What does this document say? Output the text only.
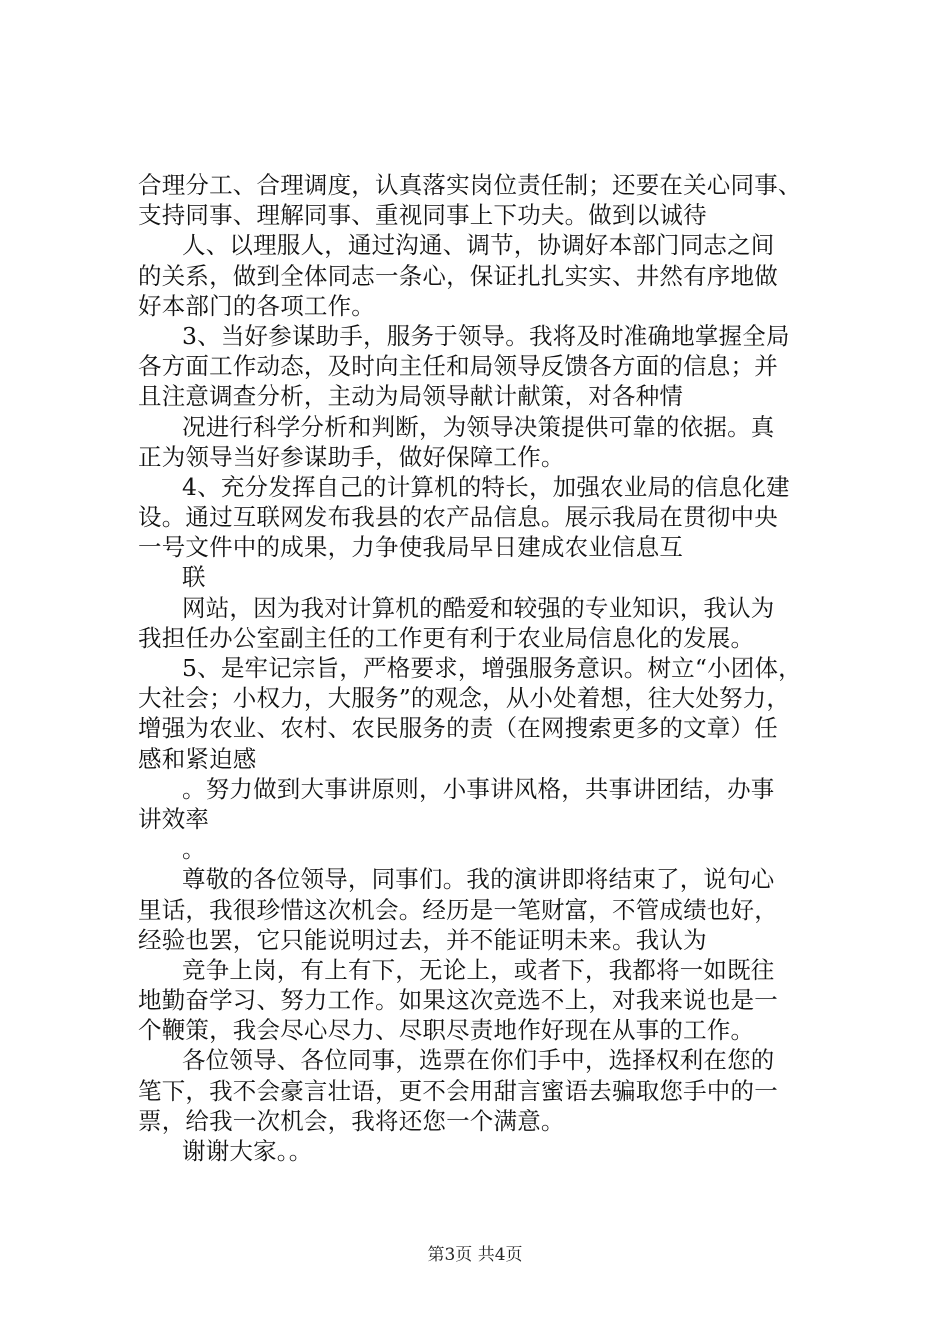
合理分工、合理调度，认真落实岗位责任制；还要在关心同事、
支持同事、理解同事、重视同事上下功夫。做到以诚待
人、以理服人，通过沟通、调节，协调好本部门同志之间
的关系，做到全体同志一条心，保证扎扎实实、井然有序地做
好本部门的各项工作。
3、当好参谋助手，服务于领导。我将及时准确地掌握全局
各方面工作动态，及时向主任和局领导反馈各方面的信息；并
且注意调查分析，主动为局领导献计献策，对各种情
况进行科学分析和判断，为领导决策提供可靠的依据。真
正为领导当好参谋助手，做好保障工作。
4、充分发挥自己的计算机的特长，加强农业局的信息化建
设。通过互联网发布我县的农产品信息。展示我局在贯彻中央
一号文件中的成果，力争使我局早日建成农业信息互
联
网站，因为我对计算机的酷爱和较强的专业知识，我认为
我担任办公室副主任的工作更有利于农业局信息化的发展。
5、是牢记宗旨，严格要求，增强服务意识。树立“小团体，
大社会；小权力，大服务”的观念，从小处着想，往大处努力，
增强为农业、农村、农民服务的责（在网搜索更多的文章）任
感和紧迫感
。努力做到大事讲原则，小事讲风格，共事讲团结，办事
讲效率
。
尊敬的各位领导，同事们。我的演讲即将结束了，说句心
里话，我很珍惜这次机会。经历是一笔财富，不管成绩也好，
经验也罢，它只能说明过去，并不能证明未来。我认为
竞争上岗，有上有下，无论上，或者下，我都将一如既往
地勤奋学习、努力工作。如果这次竞选不上，对我来说也是一
个鞭策，我会尽心尽力、尽职尽责地作好现在从事的工作。
各位领导、各位同事，选票在你们手中，选择权利在您的
笔下，我不会豪言壮语，更不会用甜言蜜语去骗取您手中的一
票，给我一次机会，我将还您一个满意。
谢谢大家。。
第3页 共4页
